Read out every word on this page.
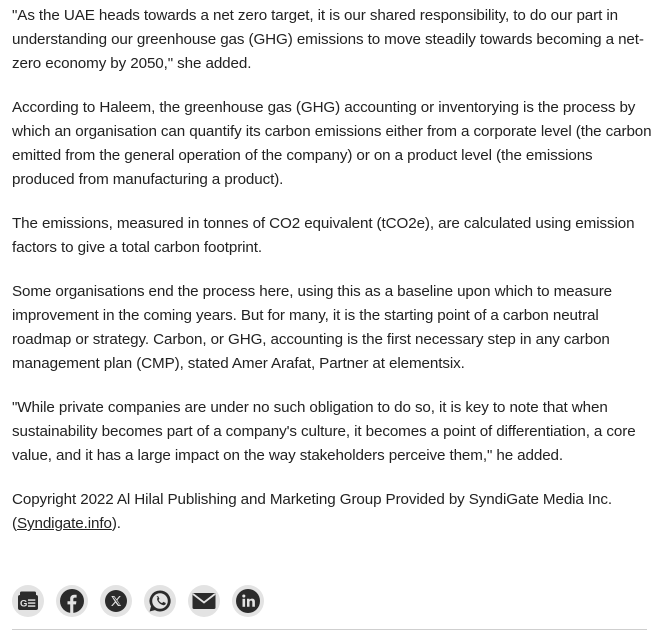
"As the UAE heads towards a net zero target, it is our shared responsibility, to do our part in understanding our greenhouse gas (GHG) emissions to move steadily towards becoming a net-zero economy by 2050," she added.

According to Haleem, the greenhouse gas (GHG) accounting or inventorying is the process by which an organisation can quantify its carbon emissions either from a corporate level (the carbon emitted from the general operation of the company) or on a product level (the emissions produced from manufacturing a product).

The emissions, measured in tonnes of CO2 equivalent (tCO2e), are calculated using emission factors to give a total carbon footprint.

Some organisations end the process here, using this as a baseline upon which to measure improvement in the coming years. But for many, it is the starting point of a carbon neutral roadmap or strategy. Carbon, or GHG, accounting is the first necessary step in any carbon management plan (CMP), stated Amer Arafat, Partner at elementsix.

"While private companies are under no such obligation to do so, it is key to note that when sustainability becomes part of a company's culture, it becomes a point of differentiation, a core value, and it has a large impact on the way stakeholders perceive them," he added.

Copyright 2022 Al Hilal Publishing and Marketing Group Provided by SyndiGate Media Inc. (Syndigate.info).

G☰
